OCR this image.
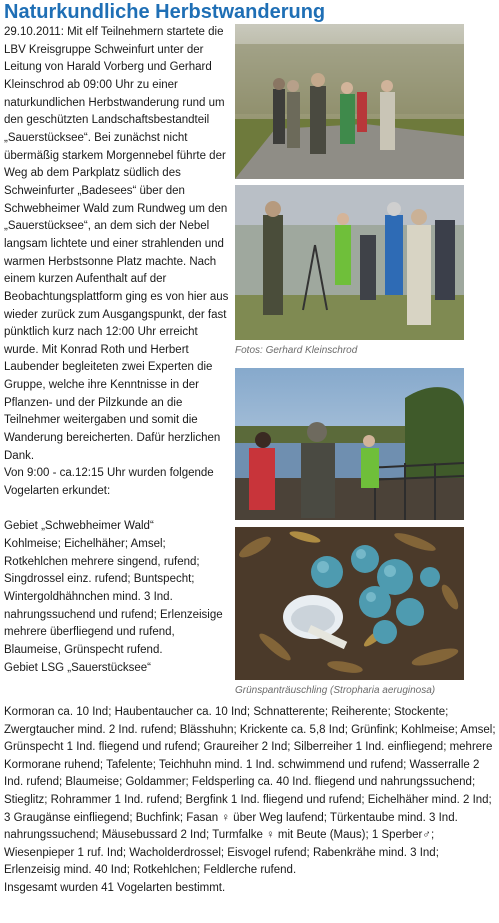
Naturkundliche Herbstwanderung

29.10.2011: Mit elf Teilnehmern startete die LBV Kreisgruppe Schweinfurt unter der Leitung von Harald Vorberg und Gerhard Kleinschrod ab 09:00 Uhr zu einer naturkundlichen Herbstwanderung rund um den geschützten Landschaftsbestandteil „Sauerstücksee“. Bei zunächst nicht übermäßig starkem Morgennebel führte der Weg ab dem Parkplatz südlich des Schweinfurter „Badesees“ über den Schwebheimer Wald zum Rundweg um den „Sauerstücksee“, an dem sich der Nebel langsam lichtete und einer strahlenden und warmen Herbstsonne Platz machte. Nach einem kurzen Aufenthalt auf der Beobachtungsplattform ging es von hier aus wieder zurück zum Ausgangspunkt, der fast pünktlich kurz nach 12:00 Uhr erreicht wurde. Mit Konrad Roth und Herbert Laubender begleiteten zwei Experten die Gruppe, welche ihre Kenntnisse in der Pflanzen- und der Pilzkunde an die Teilnehmer weitergaben und somit die Wanderung bereicherten. Dafür herzlichen Dank.

Von 9:00 - ca.12:15 Uhr wurden folgende Vogelarten erkundet:

Gebiet „Schwebheimer Wald“

Kohlmeise; Eichelhäher; Amsel; Rotkehlchen mehrere singend, rufend; Singdrossel einz. rufend; Buntspecht; Wintergoldhähnchen mind. 3 Ind. nahrungssuchend und rufend; Erlenzeisige mehrere überfliegend und rufend, Blaumeise, Grünspecht rufend.

Gebiet LSG „Sauerstücksee“

Fotos: Gerhard Kleinschrod
Grünspanträuschling (Stropharia aeruginosa)

Kormoran ca. 10 Ind; Haubentaucher ca. 10 Ind; Schnatterente; Reiherente; Stockente; Zwergtaucher mind. 2 Ind. rufend; Blässhuhn; Krickente ca. 5,8 Ind; Grünfink; Kohlmeise; Amsel; Grünspecht 1 Ind. fliegend und rufend; Graureiher 2 Ind; Silberreiher 1 Ind. einfliegend; mehrere Kormorane ruhend; Tafelente; Teichhuhn mind. 1 Ind. schwimmend und rufend; Wasserralle 2 Ind. rufend; Blaumeise; Goldammer; Feldsperling ca. 40 Ind. fliegend und nahrungssuchend; Stieglitz; Rohrammer 1 Ind. rufend; Bergfink 1 Ind. fliegend und rufend; Eichelhäher mind. 2 Ind; 3 Graugänse einfliegend; Buchfink; Fasan ♀ über Weg laufend; Türkentaube mind. 3 Ind. nahrungssuchend; Mäusebussard 2 Ind; Turmfalke ♀ mit Beute (Maus); 1 Sperber♂; Wiesenpieper 1 ruf. Ind; Wacholderdrossel; Eisvogel rufend; Rabenkrähe mind. 3 Ind; Erlenzeisig mind. 40 Ind; Rotkehlchen; Feldlerche rufend.

Insgesamt wurden 41 Vogelarten bestimmt.
